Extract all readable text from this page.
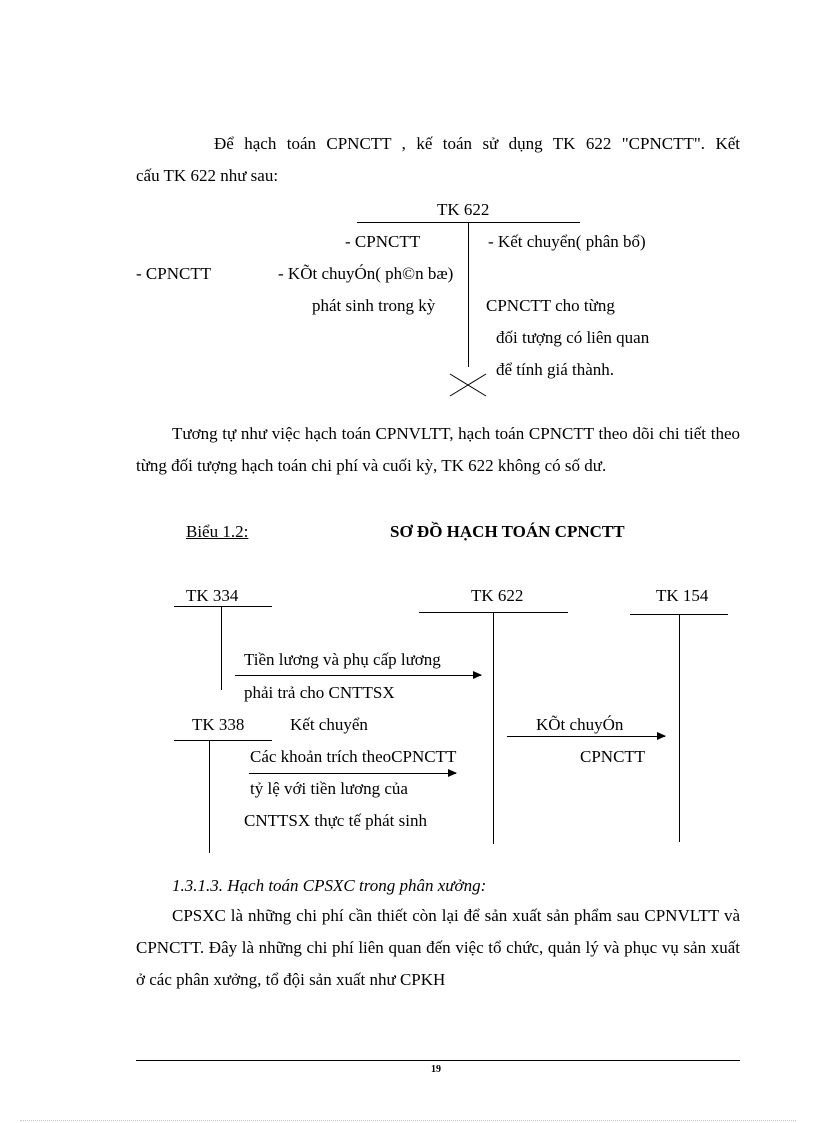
Để hạch toán CPNCTT , kế toán sử dụng TK 622 "CPNCTT". Kết
cấu TK 622 như sau:
TK 622
- CPNCTT	- Kết chuyển( phân bổ)
- CPNCTT	- KÕt chuyÓn( ph©n bæ)
phát sinh trong kỳ	CPNCTT cho từng
đối tượng có liên quan
để tính giá thành.
Tương tự như việc hạch toán CPNVLTT, hạch toán CPNCTT theo dõi chi tiết theo từng đối tượng hạch toán chi phí và cuối kỳ, TK 622 không có số dư.
Biểu 1.2:	SƠ ĐỒ HẠCH TOÁN CPNCTT
TK 334	TK 622	TK 154
Tiền lương và phụ cấp lương
phải trả cho CNTTSX
TK 338	Kết chuyển	KÕt chuyÓn
CPNCTT
Các khoản trích theoCPNCTT
tỷ lệ với tiền lương của
CNTTSX thực tế phát sinh
1.3.1.3. Hạch toán CPSXC trong phân xưởng:
CPSXC là những chi phí cần thiết còn lại để sản xuất sản phẩm sau CPNVLTT và CPNCTT. Đây là những chi phí liên quan đến việc tổ chức, quản lý và phục vụ sản xuất ở các phân xưởng, tổ đội sản xuất như CPKH
19
